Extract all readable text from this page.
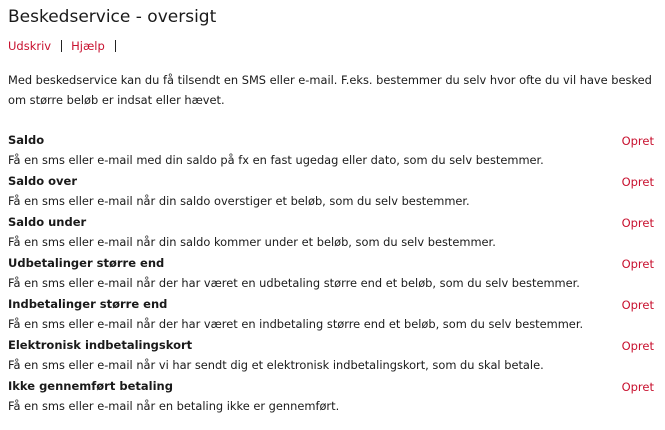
Beskedservice - oversigt
Udskriv Hjælp
Med beskedservice kan du få tilsendt en SMS eller e-mail. F.eks. bestemmer du selv hvor ofte du vil have besked om større beløb er indsat eller hævet.
Saldo	Opret
Få en sms eller e-mail med din saldo på fx en fast ugedag eller dato, som du selv bestemmer.
Saldo over	Opret
Få en sms eller e-mail når din saldo overstiger et beløb, som du selv bestemmer.
Saldo under	Opret
Få en sms eller e-mail når din saldo kommer under et beløb, som du selv bestemmer.
Udbetalinger større end	Opret
Få en sms eller e-mail når der har været en udbetaling større end et beløb, som du selv bestemmer.
Indbetalinger større end	Opret
Få en sms eller e-mail når der har været en indbetaling større end et beløb, som du selv bestemmer.
Elektronisk indbetalingskort	Opret
Få en sms eller e-mail når vi har sendt dig et elektronisk indbetalingskort, som du skal betale.
Ikke gennemført betaling	Opret
Få en sms eller e-mail når en betaling ikke er gennemført.
